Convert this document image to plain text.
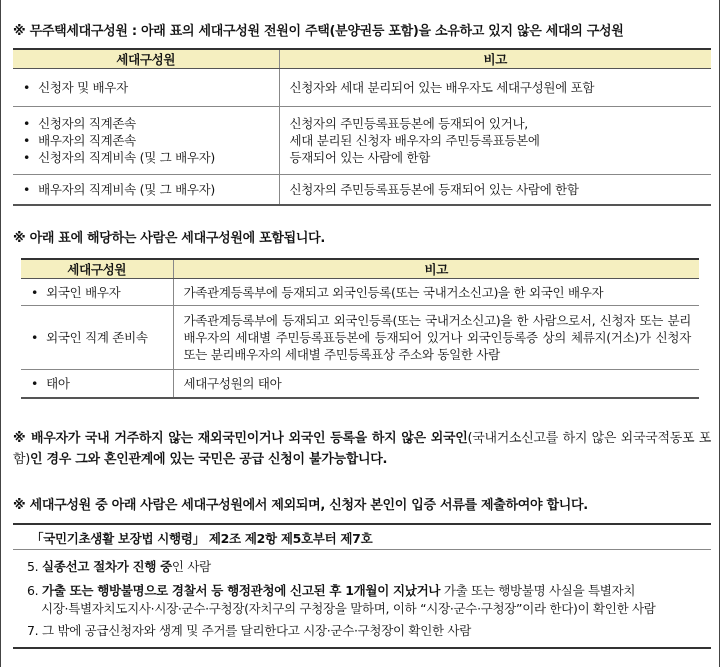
※ 무주택세대구성원 : 아래 표의 세대구성원 전원이 주택(분양권등 포함)을 소유하고 있지 않은 세대의 구성원
세대구성원	비고

• 신청자 및 배우자	신청자와 세대 분리되어 있는 배우자도 세대구성원에 포함

• 신청자의 직계존속
• 배우자의 직계존속
• 신청자의 직계비속 (및 그 배우자)	신청자의 주민등록표등본에 등재되어 있거나,
세대 분리된 신청자 배우자의 주민등록표등본에
등재되어 있는 사람에 한함

• 배우자의 직계비속 (및 그 배우자)	신청자의 주민등록표등본에 등재되어 있는 사람에 한함
※ 아래 표에 해당하는 사람은 세대구성원에 포함됩니다.
세대구성원	비고

• 외국인 배우자	가족관계등록부에 등재되고 외국인등록(또는 국내거소신고)을 한 외국인 배우자

• 외국인 직계 존비속	가족관계등록부에 등재되고 외국인등록(또는 국내거소신고)을 한 사람으로서, 신청자 또는 분리배우자의 세대별 주민등록표등본에 등재되어 있거나 외국인등록증 상의 체류지(거소)가 신청자 또는 분리배우자의 세대별 주민등록표상 주소와 동일한 사람

• 태아	세대구성원의 태아
※ 배우자가 국내 거주하지 않는 재외국민이거나 외국인 등록을 하지 않은 외국인(국내거소신고를 하지 않은 외국국적동포 포함)인 경우 그와 혼인관계에 있는 국민은 공급 신청이 불가능합니다.
※ 세대구성원 중 아래 사람은 세대구성원에서 제외되며, 신청자 본인이 입증 서류를 제출하여야 합니다.
「국민기초생활 보장법 시행령」 제2조 제2항 제5호부터 제7호
5. 실종선고 절차가 진행 중인 사람
6. 가출 또는 행방불명으로 경찰서 등 행정관청에 신고된 후 1개월이 지났거나 가출 또는 행방불명 사실을 특별자치
시장·특별자치도지사·시장·군수·구청장(자치구의 구청장을 말하며, 이하 “시장·군수·구청장”이라 한다)이 확인한 사람
7. 그 밖에 공급신청자와 생계 및 주거를 달리한다고 시장·군수·구청장이 확인한 사람
